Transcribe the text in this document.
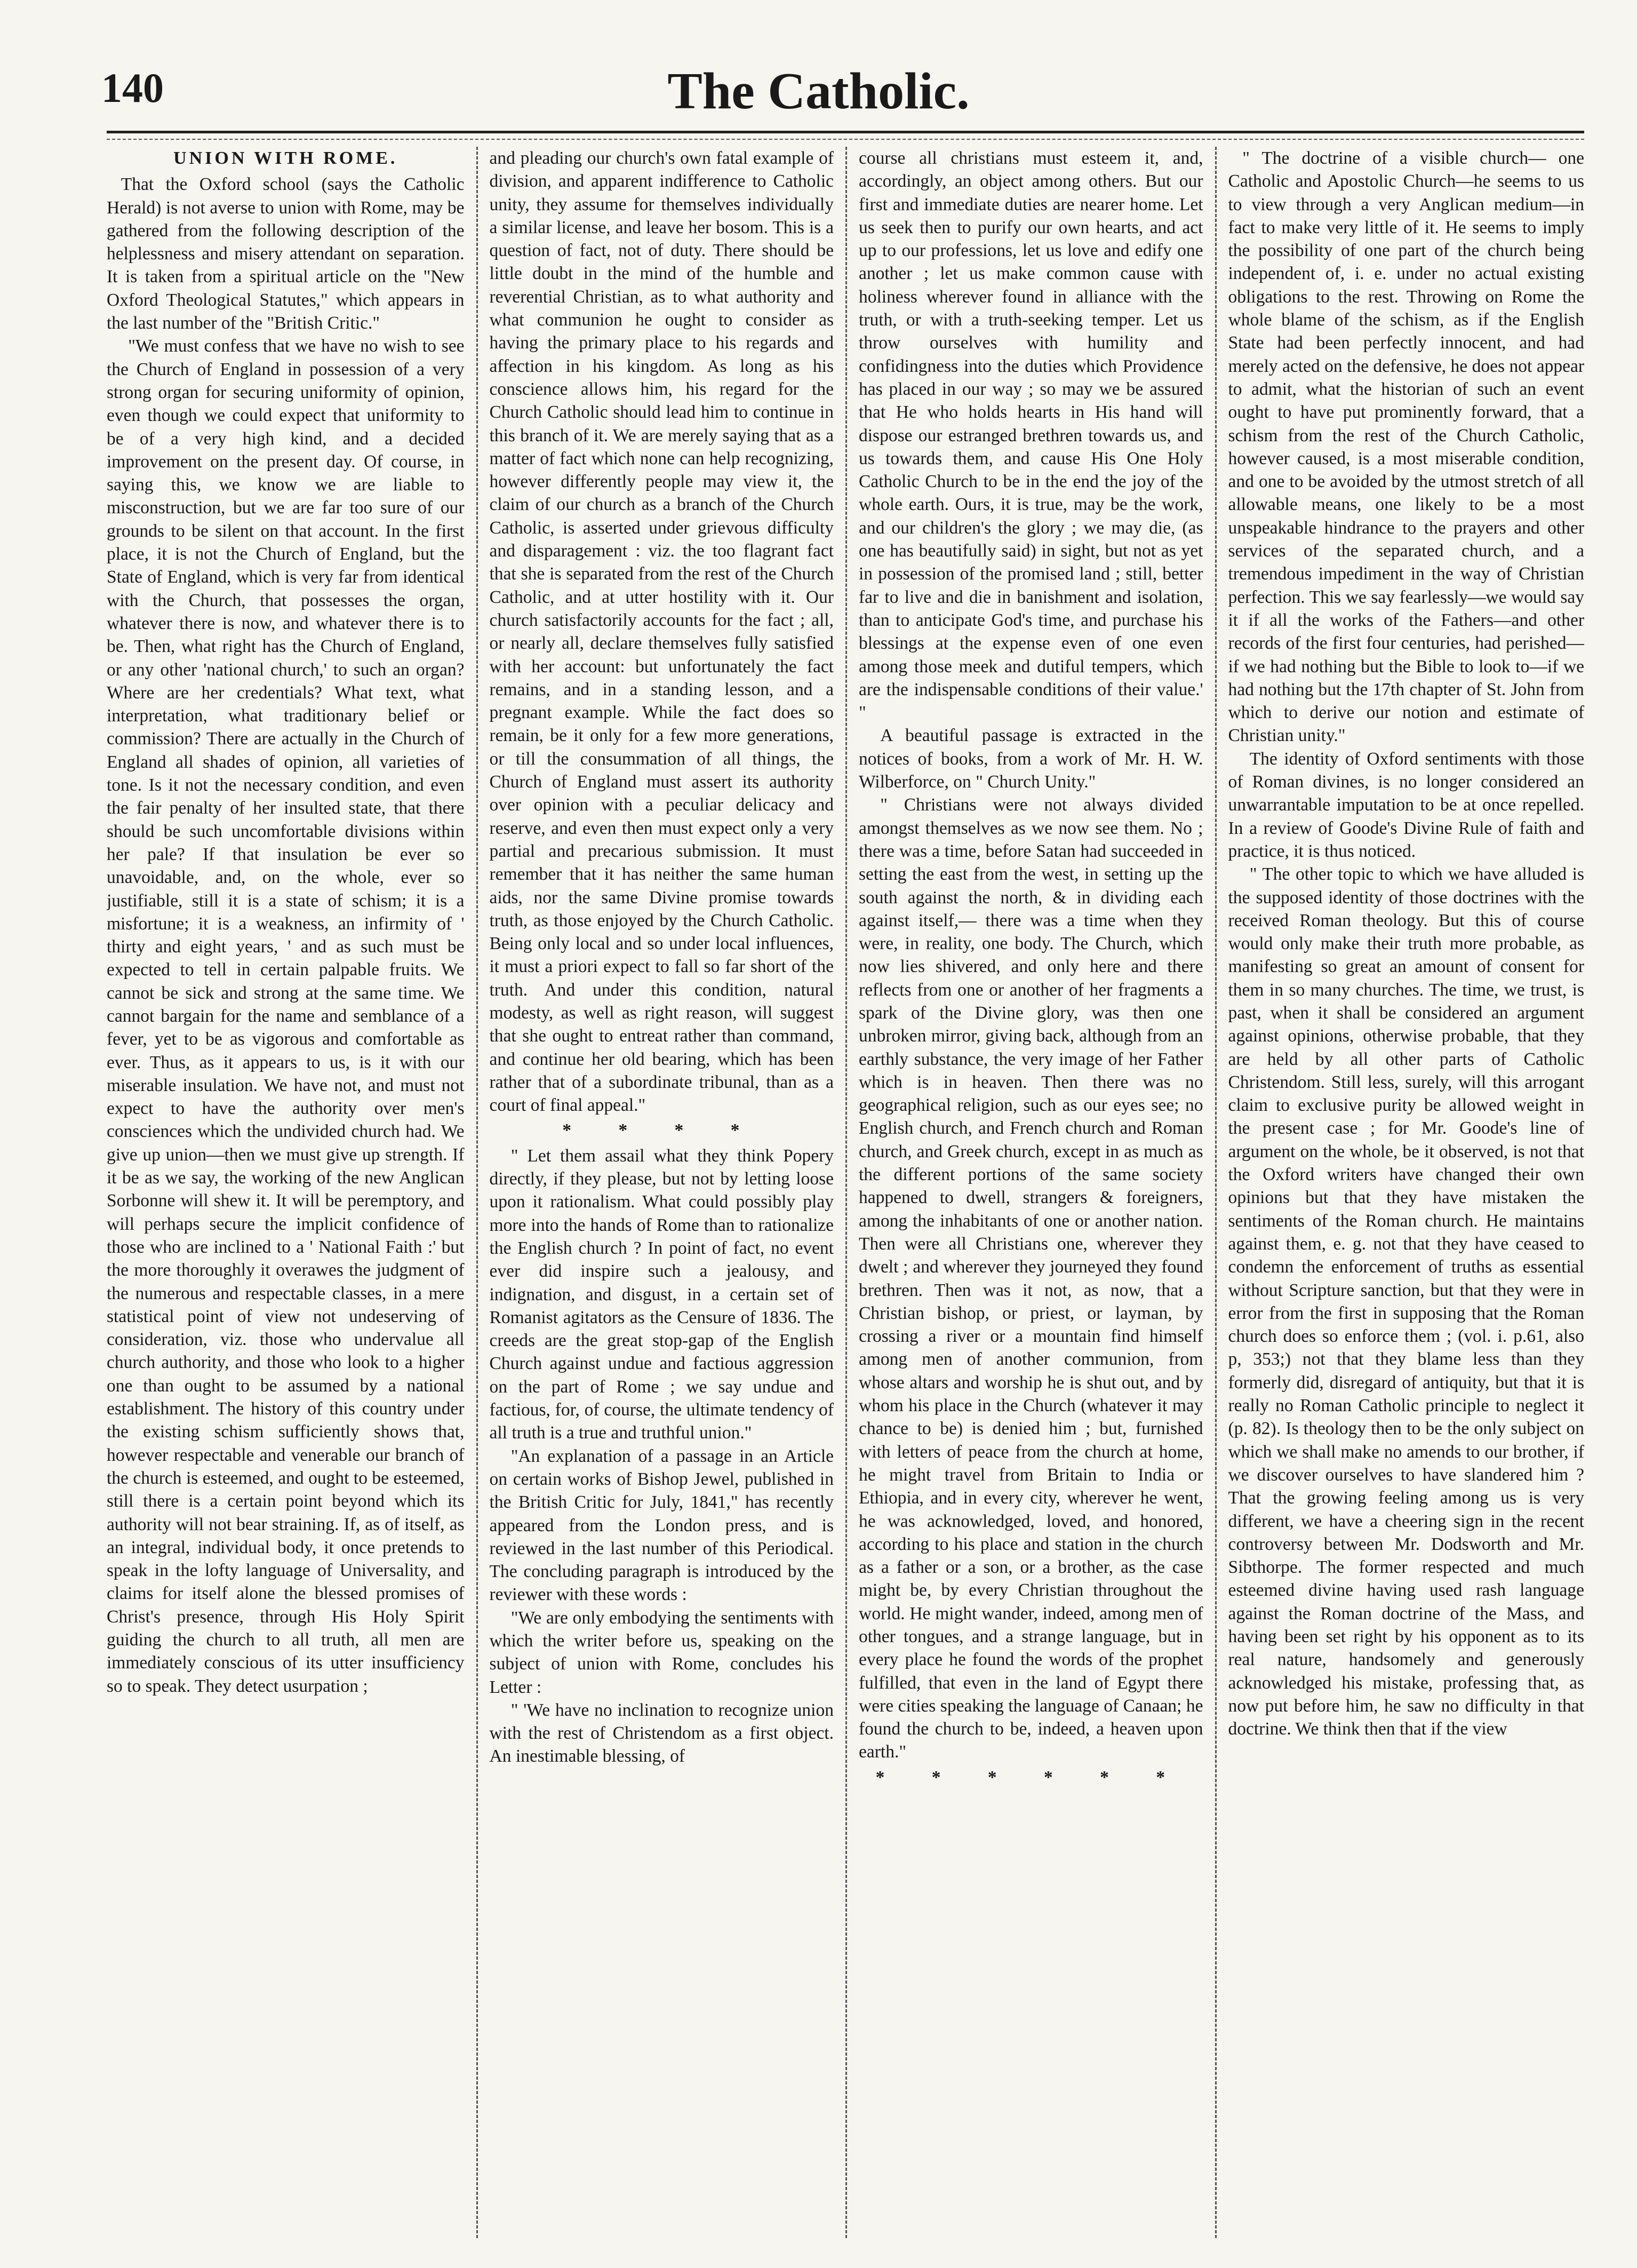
140	The Catholic.
UNION WITH ROME.

That the Oxford school (says the Catholic Herald) is not averse to union with Rome, may be gathered from the following description of the helplessness and misery attendant on separation. It is taken from a spiritual article on the "New Oxford Theological Statutes," which appears in the last number of the "British Critic."

"We must confess that we have no wish to see the Church of England in possession of a very strong organ for securing uniformity of opinion, even though we could expect that uniformity to be of a very high kind, and a decided improvement on the present day. Of course, in saying this, we know we are liable to misconstruction, but we are far too sure of our grounds to be silent on that account. In the first place, it is not the Church of England, but the State of England, which is very far from identical with the Church, that possesses the organ, whatever there is now, and whatever there is to be. Then, what right has the Church of England, or any other 'national church,' to such an organ? Where are her credentials? What text, what interpretation, what traditionary belief or commission? There are actually in the Church of England all shades of opinion, all varieties of tone. Is it not the necessary condition, and even the fair penalty of her insulted state, that there should be such uncomfortable divisions within her pale? If that insulation be ever so unavoidable, and, on the whole, ever so justifiable, still it is a state of schism; it is a misfortune; it is a weakness, an infirmity of ' thirty and eight years, ' and as such must be expected to tell in certain palpable fruits. We cannot be sick and strong at the same time. We cannot bargain for the name and semblance of a fever, yet to be as vigorous and comfortable as ever. Thus, as it appears to us, is it with our miserable insulation. We have not, and must not expect to have the authority over men's consciences which the undivided church had. We give up union—then we must give up strength. If it be as we say, the working of the new Anglican Sorbonne will shew it. It will be peremptory, and will perhaps secure the implicit confidence of those who are inclined to a ' National Faith :' but the more thoroughly it overawes the judgment of the numerous and respectable classes, in a mere statistical point of view not undeserving of consideration, viz. those who undervalue all church authority, and those who look to a higher one than ought to be assumed by a national establishment. The history of this country under the existing schism sufficiently shows that, however respectable and venerable our branch of the church is esteemed, and ought to be esteemed, still there is a certain point beyond which its authority will not bear straining. If, as of itself, as an integral, individual body, it once pretends to speak in the lofty language of Universality, and claims for itself alone the blessed promises of Christ's presence, through His Holy Spirit guiding the church to all truth, all men are immediately conscious of its utter insufficiency so to speak. They detect usurpation ;

and pleading our church's own fatal example of division, and apparent indifference to Catholic unity, they assume for themselves individually a similar license, and leave her bosom. This is a question of fact, not of duty. There should be little doubt in the mind of the humble and reverential Christian, as to what authority and what communion he ought to consider as having the primary place to his regards and affection in his kingdom. As long as his conscience allows him, his regard for the Church Catholic should lead him to continue in this branch of it. We are merely saying that as a matter of fact which none can help recognizing, however differently people may view it, the claim of our church as a branch of the Church Catholic, is asserted under grievous difficulty and disparagement : viz. the too flagrant fact that she is separated from the rest of the Church Catholic, and at utter hostility with it. Our church satisfactorily accounts for the fact ; all, or nearly all, declare themselves fully satisfied with her account: but unfortunately the fact remains, and in a standing lesson, and a pregnant example. While the fact does so remain, be it only for a few more generations, or till the consummation of all things, the Church of England must assert its authority over opinion with a peculiar delicacy and reserve, and even then must expect only a very partial and precarious submission. It must remember that it has neither the same human aids, nor the same Divine promise towards truth, as those enjoyed by the Church Catholic. Being only local and so under local influences, it must a priori expect to fall so far short of the truth. And under this condition, natural modesty, as well as right reason, will suggest that she ought to entreat rather than command, and continue her old bearing, which has been rather that of a subordinate tribunal, than as a court of final appeal."

* * * *

" Let them assail what they think Popery directly, if they please, but not by letting loose upon it rationalism. What could possibly play more into the hands of Rome than to rationalize the English church ? In point of fact, no event ever did inspire such a jealousy, and indignation, and disgust, in a certain set of Romanist agitators as the Censure of 1836. The creeds are the great stop-gap of the English Church against undue and factious aggression on the part of Rome ; we say undue and factious, for, of course, the ultimate tendency of all truth is a true and truthful union."

"An explanation of a passage in an Article on certain works of Bishop Jewel, published in the British Critic for July, 1841," has recently appeared from the London press, and is reviewed in the last number of this Periodical. The concluding paragraph is introduced by the reviewer with these words :

"We are only embodying the sentiments with which the writer before us, speaking on the subject of union with Rome, concludes his Letter :

" 'We have no inclination to recognize union with the rest of Christendom as a first object. An inestimable blessing, of

course all christians must esteem it, and, accordingly, an object among others. But our first and immediate duties are nearer home. Let us seek then to purify our own hearts, and act up to our professions, let us love and edify one another ; let us make common cause with holiness wherever found in alliance with the truth, or with a truth-seeking temper. Let us throw ourselves with humility and confidingness into the duties which Providence has placed in our way ; so may we be assured that He who holds hearts in His hand will dispose our estranged brethren towards us, and us towards them, and cause His One Holy Catholic Church to be in the end the joy of the whole earth. Ours, it is true, may be the work, and our children's the glory ; we may die, (as one has beautifully said) in sight, but not as yet in possession of the promised land ; still, better far to live and die in banishment and isolation, than to anticipate God's time, and purchase his blessings at the expense even of one even among those meek and dutiful tempers, which are the indispensable conditions of their value.' "

A beautiful passage is extracted in the notices of books, from a work of Mr. H. W. Wilberforce, on " Church Unity."

" Christians were not always divided amongst themselves as we now see them. No ; there was a time, before Satan had succeeded in setting the east from the west, in setting up the south against the north, & in dividing each against itself,— there was a time when they were, in reality, one body. The Church, which now lies shivered, and only here and there reflects from one or another of her fragments a spark of the Divine glory, was then one unbroken mirror, giving back, although from an earthly substance, the very image of her Father which is in heaven. Then there was no geographical religion, such as our eyes see; no English church, and French church and Roman church, and Greek church, except in as much as the different portions of the same society happened to dwell, strangers & foreigners, among the inhabitants of one or another nation. Then were all Christians one, wherever they dwelt ; and wherever they journeyed they found brethren. Then was it not, as now, that a Christian bishop, or priest, or layman, by crossing a river or a mountain find himself among men of another communion, from whose altars and worship he is shut out, and by whom his place in the Church (whatever it may chance to be) is denied him ; but, furnished with letters of peace from the church at home, he might travel from Britain to India or Ethiopia, and in every city, wherever he went, he was acknowledged, loved, and honored, according to his place and station in the church as a father or a son, or a brother, as the case might be, by every Christian throughout the world. He might wander, indeed, among men of other tongues, and a strange language, but in every place he found the words of the prophet fulfilled, that even in the land of Egypt there were cities speaking the language of Canaan; he found the church to be, indeed, a heaven upon earth."

* * * * * *

" The doctrine of a visible church— one Catholic and Apostolic Church—he seems to us to view through a very Anglican medium—in fact to make very little of it. He seems to imply the possibility of one part of the church being independent of, i. e. under no actual existing obligations to the rest. Throwing on Rome the whole blame of the schism, as if the English State had been perfectly innocent, and had merely acted on the defensive, he does not appear to admit, what the historian of such an event ought to have put prominently forward, that a schism from the rest of the Church Catholic, however caused, is a most miserable condition, and one to be avoided by the utmost stretch of all allowable means, one likely to be a most unspeakable hindrance to the prayers and other services of the separated church, and a tremendous impediment in the way of Christian perfection. This we say fearlessly—we would say it if all the works of the Fathers—and other records of the first four centuries, had perished—if we had nothing but the Bible to look to—if we had nothing but the 17th chapter of St. John from which to derive our notion and estimate of Christian unity."

The identity of Oxford sentiments with those of Roman divines, is no longer considered an unwarrantable imputation to be at once repelled. In a review of Goode's Divine Rule of faith and practice, it is thus noticed.

" The other topic to which we have alluded is the supposed identity of those doctrines with the received Roman theology. But this of course would only make their truth more probable, as manifesting so great an amount of consent for them in so many churches. The time, we trust, is past, when it shall be considered an argument against opinions, otherwise probable, that they are held by all other parts of Catholic Christendom. Still less, surely, will this arrogant claim to exclusive purity be allowed weight in the present case ; for Mr. Goode's line of argument on the whole, be it observed, is not that the Oxford writers have changed their own opinions but that they have mistaken the sentiments of the Roman church. He maintains against them, e. g. not that they have ceased to condemn the enforcement of truths as essential without Scripture sanction, but that they were in error from the first in supposing that the Roman church does so enforce them ; (vol. i. p.61, also p, 353;) not that they blame less than they formerly did, disregard of antiquity, but that it is really no Roman Catholic principle to neglect it (p. 82). Is theology then to be the only subject on which we shall make no amends to our brother, if we discover ourselves to have slandered him ? That the growing feeling among us is very different, we have a cheering sign in the recent controversy between Mr. Dodsworth and Mr. Sibthorpe. The former respected and much esteemed divine having used rash language against the Roman doctrine of the Mass, and having been set right by his opponent as to its real nature, handsomely and generously acknowledged his mistake, professing that, as now put before him, he saw no difficulty in that doctrine. We think then that if the view
